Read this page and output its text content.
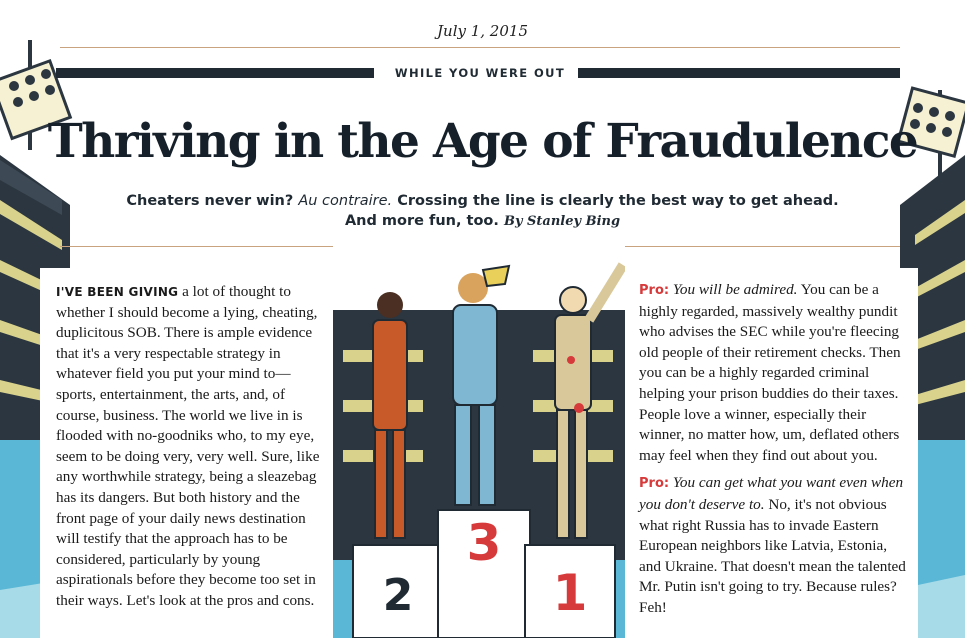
July 1, 2015
WHILE YOU WERE OUT
Thriving in the Age of Fraudulence
Cheaters never win? Au contraire. Crossing the line is clearly the best way to get ahead. And more fun, too. By Stanley Bing
2
3
1
I'VE BEEN GIVING a lot of thought to whether I should become a lying, cheating, duplicitous SOB. There is ample evidence that it's a very respectable strategy in whatever field you put your mind to—sports, entertainment, the arts, and, of course, business. The world we live in is flooded with no-goodniks who, to my eye, seem to be doing very, very well. Sure, like any worthwhile strategy, being a sleazebag has its dangers. But both history and the front page of your daily news destination will testify that the approach has to be considered, particularly by young aspirationals before they become too set in their ways. Let's look at the pros and cons.

Pro: You will be admired. You can be a highly regarded, massively wealthy pundit who advises the SEC while you're fleecing old people of their retirement checks. Then you can be a highly regarded criminal helping your prison buddies do their taxes. People love a winner, especially their winner, no matter how, um, deflated others may feel when they find out about you.

Pro: You can get what you want even when you don't deserve to. No, it's not obvious what right Russia has to invade Eastern European neighbors like Latvia, Estonia, and Ukraine. That doesn't mean the talented Mr. Putin isn't going to try. Because rules? Feh!
